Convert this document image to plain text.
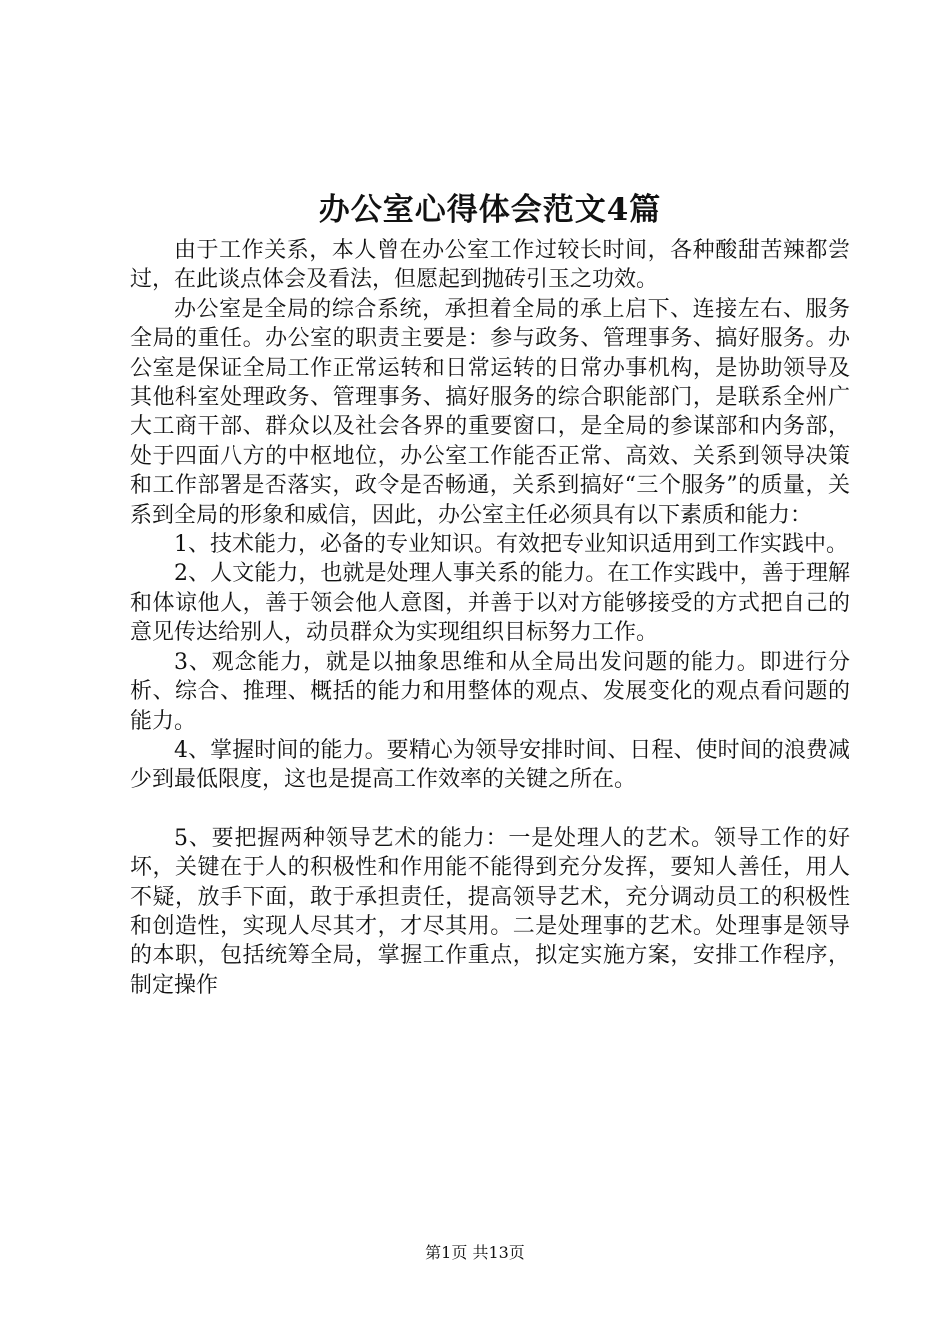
办公室心得体会范文4篇

由于工作关系，本人曾在办公室工作过较长时间，各种酸甜苦辣都尝过，在此谈点体会及看法，但愿起到抛砖引玉之功效。

办公室是全局的综合系统，承担着全局的承上启下、连接左右、服务全局的重任。办公室的职责主要是：参与政务、管理事务、搞好服务。办公室是保证全局工作正常运转和日常运转的日常办事机构，是协助领导及其他科室处理政务、管理事务、搞好服务的综合职能部门，是联系全州广大工商干部、群众以及社会各界的重要窗口，是全局的参谋部和内务部，处于四面八方的中枢地位，办公室工作能否正常、高效、关系到领导决策和工作部署是否落实，政令是否畅通，关系到搞好“三个服务”的质量，关系到全局的形象和威信，因此，办公室主任必须具有以下素质和能力：

1、技术能力，必备的专业知识。有效把专业知识适用到工作实践中。

2、人文能力，也就是处理人事关系的能力。在工作实践中，善于理解和体谅他人，善于领会他人意图，并善于以对方能够接受的方式把自己的意见传达给别人，动员群众为实现组织目标努力工作。

3、观念能力，就是以抽象思维和从全局出发问题的能力。即进行分析、综合、推理、概括的能力和用整体的观点、发展变化的观点看问题的能力。

4、掌握时间的能力。要精心为领导安排时间、日程、使时间的浪费减少到最低限度，这也是提高工作效率的关键之所在。

5、要把握两种领导艺术的能力：一是处理人的艺术。领导工作的好坏，关键在于人的积极性和作用能不能得到充分发挥，要知人善任，用人不疑，放手下面，敢于承担责任，提高领导艺术，充分调动员工的积极性和创造性，实现人尽其才，才尽其用。二是处理事的艺术。处理事是领导的本职，包括统筹全局，掌握工作重点，拟定实施方案，安排工作程序，制定操作

第1页 共13页
